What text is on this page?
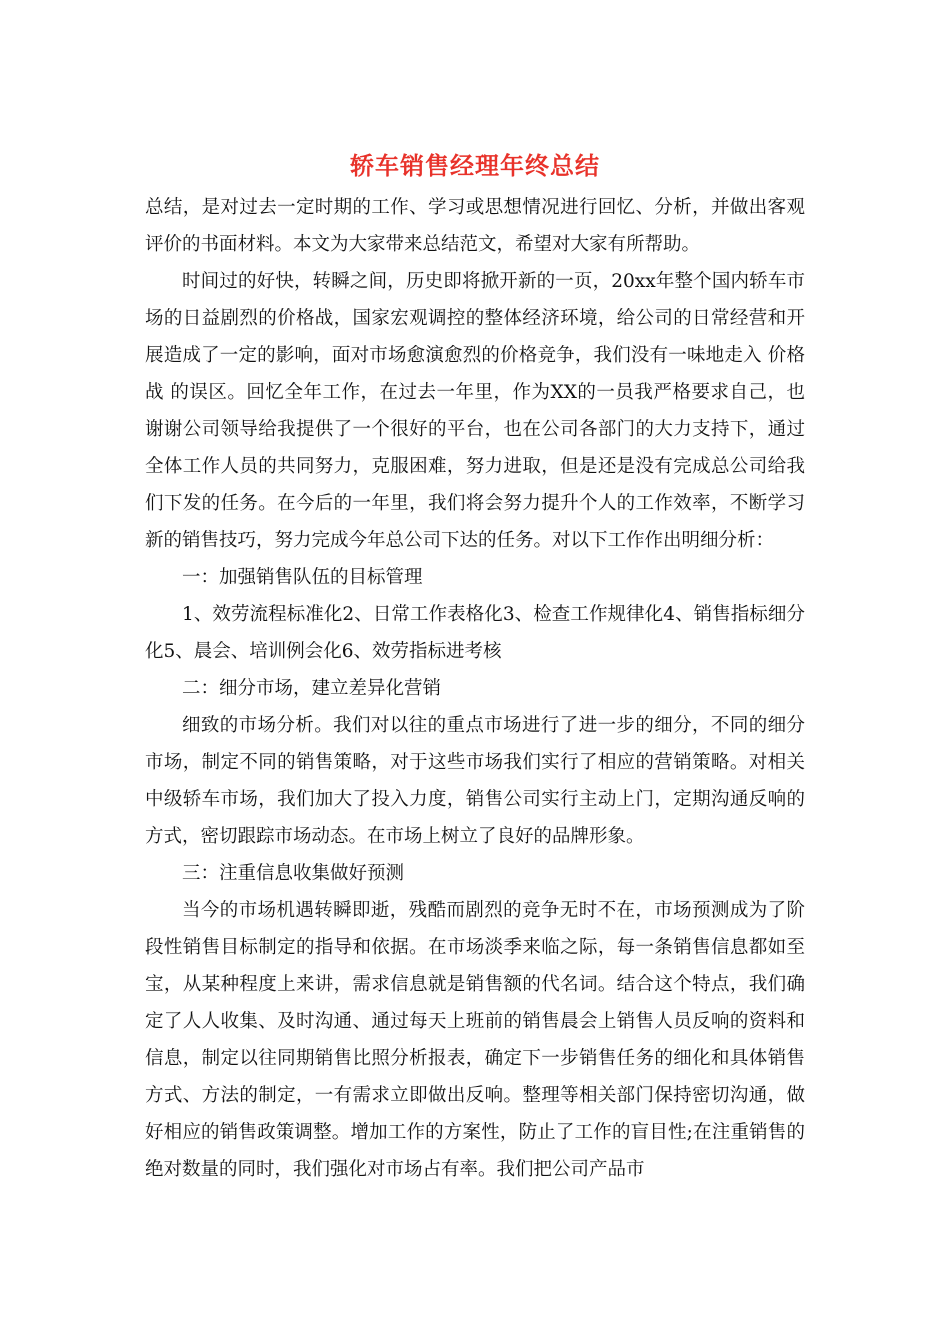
轿车销售经理年终总结

总结，是对过去一定时期的工作、学习或思想情况进行回忆、分析，并做出客观评价的书面材料。本文为大家带来总结范文，希望对大家有所帮助。

时间过的好快，转瞬之间，历史即将掀开新的一页，20xx年整个国内轿车市场的日益剧烈的价格战，国家宏观调控的整体经济环境，给公司的日常经营和开展造成了一定的影响，面对市场愈演愈烈的价格竞争，我们没有一味地走入 价格战 的误区。回忆全年工作，在过去一年里，作为XX的一员我严格要求自己，也谢谢公司领导给我提供了一个很好的平台，也在公司各部门的大力支持下，通过全体工作人员的共同努力，克服困难，努力进取，但是还是没有完成总公司给我们下发的任务。在今后的一年里，我们将会努力提升个人的工作效率，不断学习新的销售技巧，努力完成今年总公司下达的任务。对以下工作作出明细分析：

一：加强销售队伍的目标管理

1、效劳流程标准化2、日常工作表格化3、检查工作规律化4、销售指标细分化5、晨会、培训例会化6、效劳指标进考核

二：细分市场，建立差异化营销

细致的市场分析。我们对以往的重点市场进行了进一步的细分，不同的细分市场，制定不同的销售策略，对于这些市场我们实行了相应的营销策略。对相关中级轿车市场，我们加大了投入力度，销售公司实行主动上门，定期沟通反响的方式，密切跟踪市场动态。在市场上树立了良好的品牌形象。

三：注重信息收集做好预测

当今的市场机遇转瞬即逝，残酷而剧烈的竞争无时不在，市场预测成为了阶段性销售目标制定的指导和依据。在市场淡季来临之际，每一条销售信息都如至宝，从某种程度上来讲，需求信息就是销售额的代名词。结合这个特点，我们确定了人人收集、及时沟通、通过每天上班前的销售晨会上销售人员反响的资料和信息，制定以往同期销售比照分析报表，确定下一步销售任务的细化和具体销售方式、方法的制定，一有需求立即做出反响。整理等相关部门保持密切沟通，做好相应的销售政策调整。增加工作的方案性，防止了工作的盲目性;在注重销售的绝对数量的同时，我们强化对市场占有率。我们把公司产品市
